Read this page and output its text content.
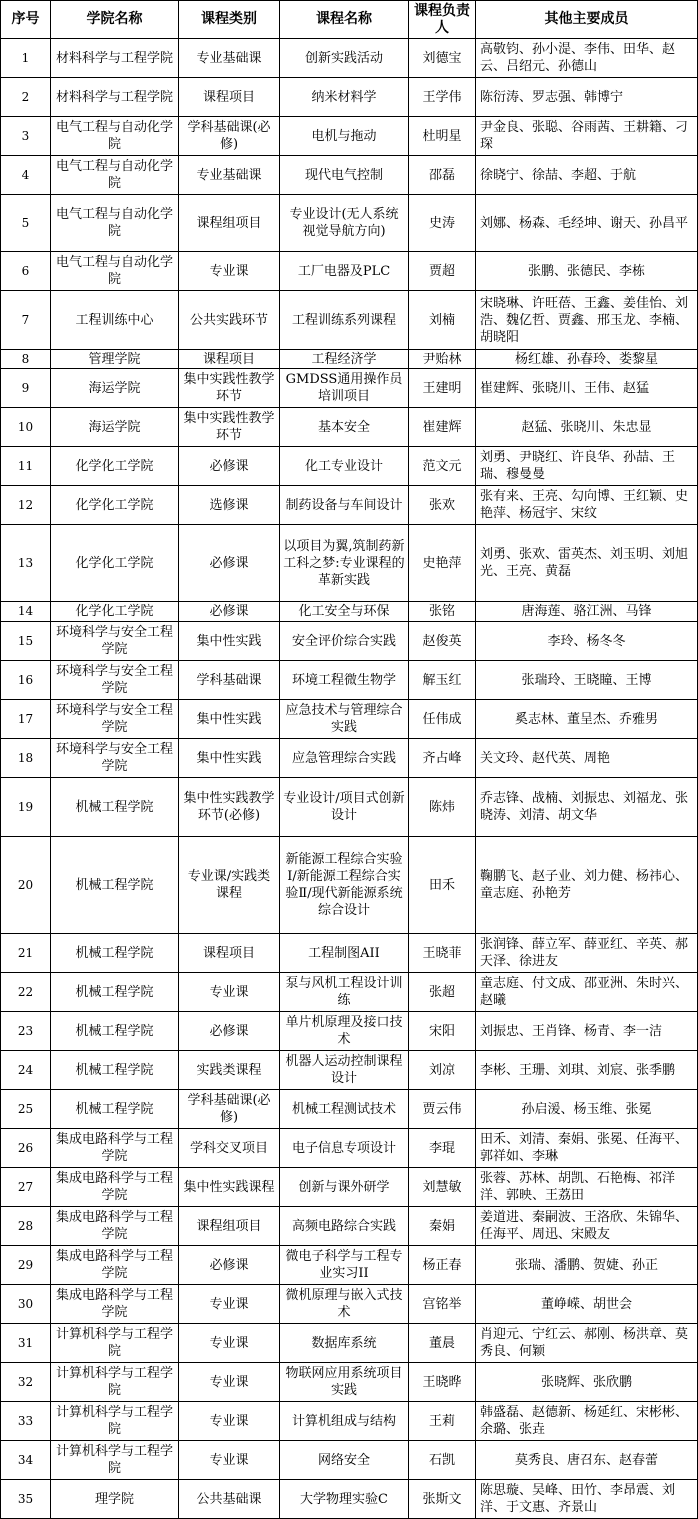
序号	学院名称	课程类别	课程名称	课程负责人	其他主要成员
1	材料科学与工程学院	专业基础课	创新实践活动	刘德宝	高敬钧、孙小湜、李伟、田华、赵云、吕绍元、孙德山
2	材料科学与工程学院	课程项目	纳米材料学	王学伟	陈衍涛、罗志强、韩博宁
3	电气工程与自动化学院	学科基础课(必修)	电机与拖动	杜明星	尹金良、张聪、谷雨茜、王耕籍、刁琛
4	电气工程与自动化学院	专业基础课	现代电气控制	邵磊	徐晓宁、徐喆、李超、于航
5	电气工程与自动化学院	课程组项目	专业设计(无人系统视觉导航方向)	史涛	刘娜、杨森、毛经坤、谢天、孙昌平
6	电气工程与自动化学院	专业课	工厂电器及PLC	贾超	张鹏、张德民、李栋
7	工程训练中心	公共实践环节	工程训练系列课程	刘楠	宋晓琳、许旺蓓、王鑫、姜佳怡、刘浩、魏亿哲、贾鑫、邢玉龙、李楠、胡晓阳
8	管理学院	课程项目	工程经济学	尹贻林	杨红雄、孙春玲、娄黎星
9	海运学院	集中实践性教学环节	GMDSS通用操作员培训项目	王建明	崔建辉、张晓川、王伟、赵猛
10	海运学院	集中实践性教学环节	基本安全	崔建辉	赵猛、张晓川、朱忠显
11	化学化工学院	必修课	化工专业设计	范文元	刘勇、尹晓红、许良华、孙喆、王瑞、穆曼曼
12	化学化工学院	选修课	制药设备与车间设计	张欢	张有来、王亮、勾向博、王红颖、史艳萍、杨冠宇、宋纹
13	化学化工学院	必修课	以项目为翼,筑制药新工科之梦:专业课程的革新实践	史艳萍	刘勇、张欢、雷英杰、刘玉明、刘旭光、王亮、黄磊
14	化学化工学院	必修课	化工安全与环保	张铭	唐海莲、骆江洲、马锋
15	环境科学与安全工程学院	集中性实践	安全评价综合实践	赵俊英	李玲、杨冬冬
16	环境科学与安全工程学院	学科基础课	环境工程微生物学	解玉红	张瑞玲、王晓瞳、王博
17	环境科学与安全工程学院	集中性实践	应急技术与管理综合实践	任伟成	奚志林、董呈杰、乔雅男
18	环境科学与安全工程学院	集中性实践	应急管理综合实践	齐占峰	关文玲、赵代英、周艳
19	机械工程学院	集中性实践教学环节(必修)	专业设计/项目式创新设计	陈炜	乔志锋、战楠、刘振忠、刘福龙、张晓涛、刘清、胡文华
20	机械工程学院	专业课/实践类课程	新能源工程综合实验Ⅰ/新能源工程综合实验Ⅱ/现代新能源系统综合设计	田禾	鞠鹏飞、赵子业、刘力健、杨祎心、童志庭、孙艳芳
21	机械工程学院	课程项目	工程制图AII	王晓菲	张润锋、薛立军、薛亚红、辛英、郝天泽、徐进友
22	机械工程学院	专业课	泵与风机工程设计训练	张超	童志庭、付文成、邵亚洲、朱时兴、赵曦
23	机械工程学院	必修课	单片机原理及接口技术	宋阳	刘振忠、王肖锋、杨青、李一洁
24	机械工程学院	实践类课程	机器人运动控制课程设计	刘凉	李彬、王珊、刘琪、刘宸、张季鹏
25	机械工程学院	学科基础课(必修)	机械工程测试技术	贾云伟	孙启湲、杨玉维、张冕
26	集成电路科学与工程学院	学科交叉项目	电子信息专项设计	李琨	田禾、刘清、秦娟、张冕、任海平、郭祥如、李琳
27	集成电路科学与工程学院	集中性实践课程	创新与课外研学	刘慧敏	张蓉、苏林、胡凯、石艳梅、祁洋洋、郭映、王荔田
28	集成电路科学与工程学院	课程组项目	高频电路综合实践	秦娟	姜道进、秦嗣波、王洛欣、朱锦华、任海平、周迅、宋殿友
29	集成电路科学与工程学院	必修课	微电子科学与工程专业实习II	杨正春	张瑞、潘鹏、贺婕、孙正
30	集成电路科学与工程学院	专业课	微机原理与嵌入式技术	宫铭举	董峥嵘、胡世会
31	计算机科学与工程学院	专业课	数据库系统	董晨	肖迎元、宁红云、郝刚、杨洪章、莫秀良、何颖
32	计算机科学与工程学院	专业课	物联网应用系统项目实践	王晓晔	张晓辉、张欣鹏
33	计算机科学与工程学院	专业课	计算机组成与结构	王莉	韩盛磊、赵德新、杨延红、宋彬彬、余璐、张垚
34	计算机科学与工程学院	专业课	网络安全	石凯	莫秀良、唐召东、赵春蕾
35	理学院	公共基础课	大学物理实验C	张斯文	陈思璇、吴峰、田竹、李昂震、刘洋、于文惠、齐景山
